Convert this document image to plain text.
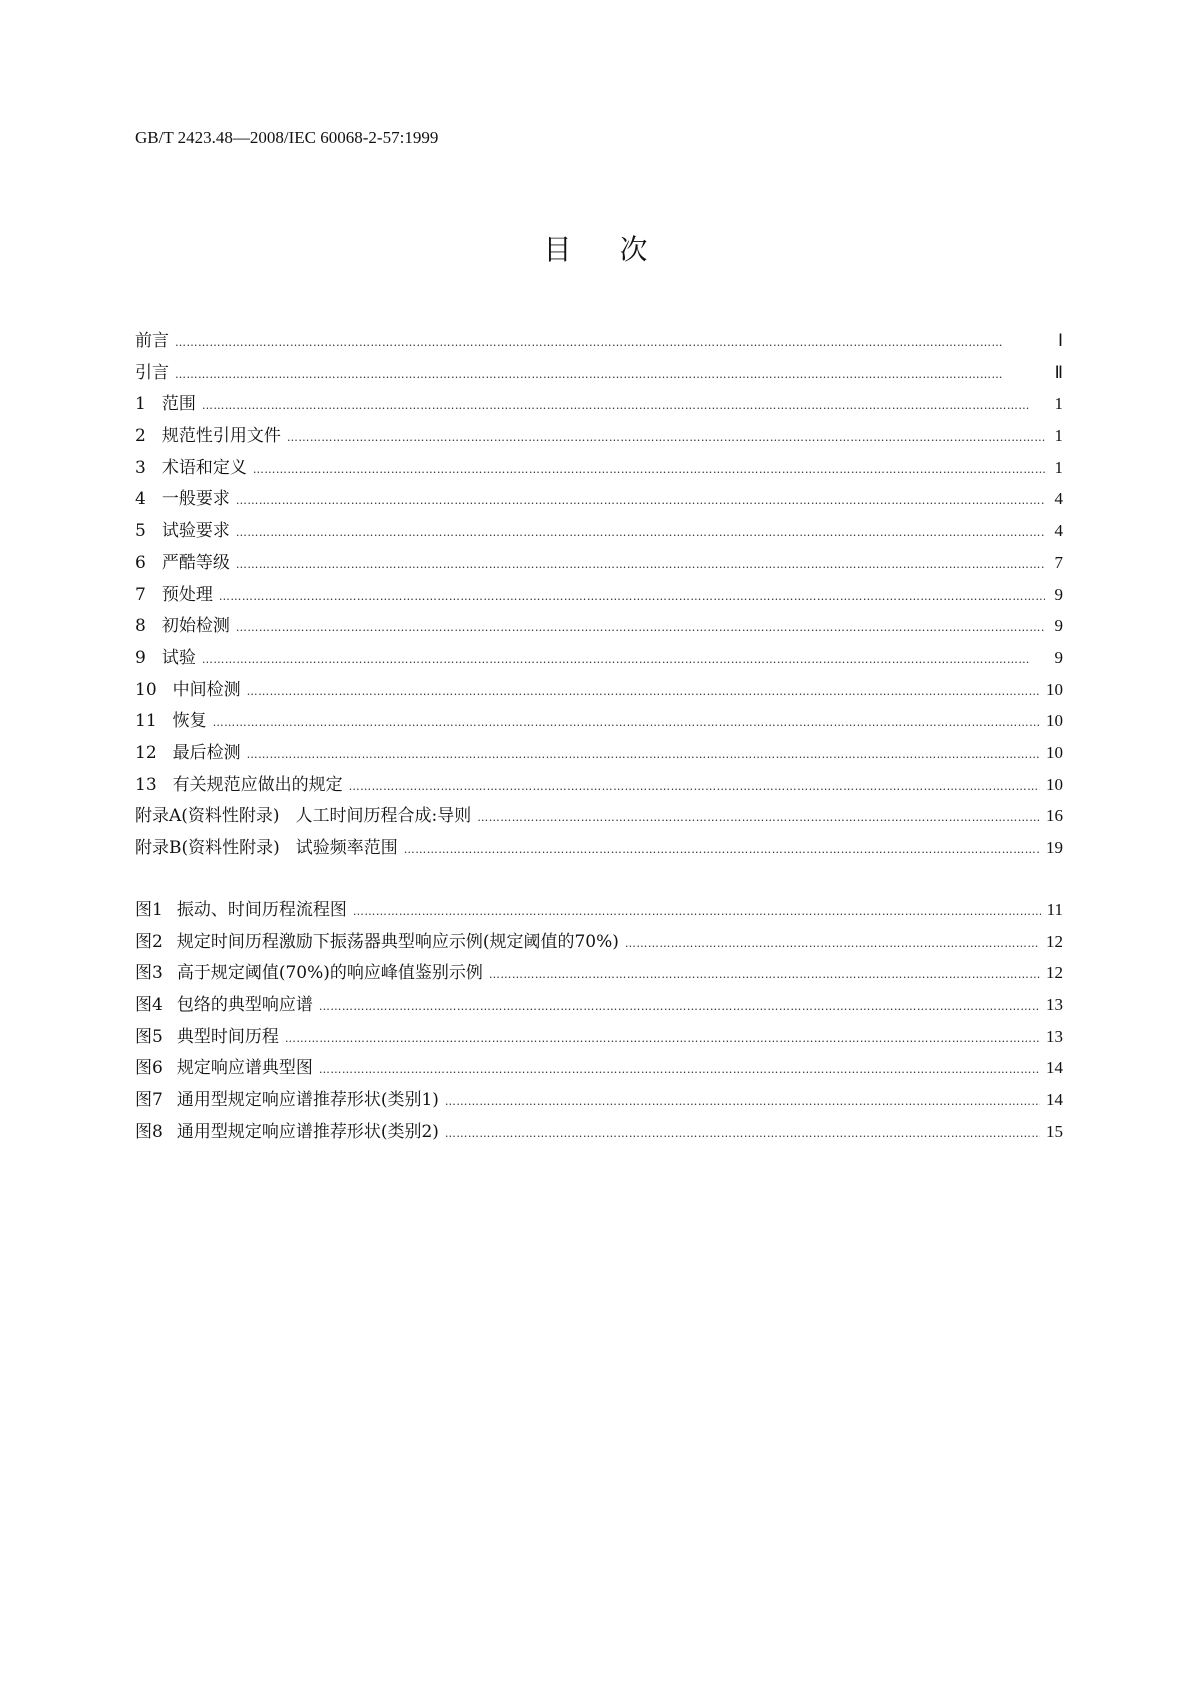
GB/T 2423.48—2008/IEC 60068-2-57:1999
目次
前言 ………………………………………………………………………………………………………………………………………………………………………………………………	Ⅰ
引言 ………………………………………………………………………………………………………………………………………………………………………………………………	Ⅱ
1 范围 ………………………………………………………………………………………………………………………………………………………………………………………………	1
2 规范性引用文件 ………………………………………………………………………………………………………………………………………………………………………………………………	1
3 术语和定义 ………………………………………………………………………………………………………………………………………………………………………………………………	1
4 一般要求 ………………………………………………………………………………………………………………………………………………………………………………………………	4
5 试验要求 ………………………………………………………………………………………………………………………………………………………………………………………………	4
6 严酷等级 ………………………………………………………………………………………………………………………………………………………………………………………………	7
7 预处理 ………………………………………………………………………………………………………………………………………………………………………………………………	9
8 初始检测 ………………………………………………………………………………………………………………………………………………………………………………………………	9
9 试验 ………………………………………………………………………………………………………………………………………………………………………………………………	9
10 中间检测 ………………………………………………………………………………………………………………………………………………………………………………………………	10
11 恢复 ………………………………………………………………………………………………………………………………………………………………………………………………	10
12 最后检测 ………………………………………………………………………………………………………………………………………………………………………………………………	10
13 有关规范应做出的规定 ………………………………………………………………………………………………………………………………………………………………………………………………	10
附录A(资料性附录) 人工时间历程合成:导则 ………………………………………………………………………………………………………………………………………………………………………………………………	16
附录B(资料性附录) 试验频率范围 ………………………………………………………………………………………………………………………………………………………………………………………………	19
图1 振动、时间历程流程图 ………………………………………………………………………………………………………………………………………………………………………………………………	11
图2 规定时间历程激励下振荡器典型响应示例(规定阈值的70%) ………………………………………………………………………………………………………………………………………………………………………………………………	12
图3 高于规定阈值(70%)的响应峰值鉴别示例 ………………………………………………………………………………………………………………………………………………………………………………………………	12
图4 包络的典型响应谱 ………………………………………………………………………………………………………………………………………………………………………………………………	13
图5 典型时间历程 ………………………………………………………………………………………………………………………………………………………………………………………………	13
图6 规定响应谱典型图 ………………………………………………………………………………………………………………………………………………………………………………………………	14
图7 通用型规定响应谱推荐形状(类别1) ………………………………………………………………………………………………………………………………………………………………………………………………	14
图8 通用型规定响应谱推荐形状(类别2) ………………………………………………………………………………………………………………………………………………………………………………………………	15
